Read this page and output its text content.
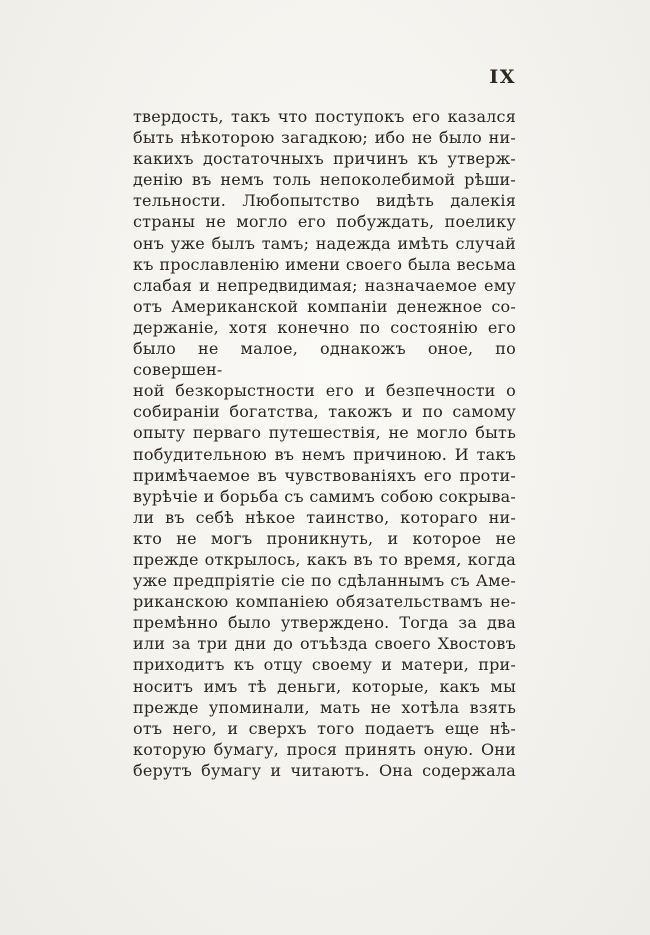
IX
твердость, такъ что поступокъ его казался
быть нѣкоторою загадкою; ибо не было ни-
какихъ достаточныхъ причинъ къ утверж-
денію въ немъ толь непоколебимой рѣши-
тельности. Любопытство видѣть далекія
страны не могло его побуждать, поелику
онъ уже былъ тамъ; надежда имѣть случай
къ прославленію имени своего была весьма
слабая и непредвидимая; назначаемое ему
отъ Американской компаніи денежное со-
держаніе, хотя конечно по состоянію его
было не малое, однакожъ оное, по совершен-
ной безкорыстности его и безпечности о
собираніи богатства, такожъ и по самому
опыту перваго путешествія, не могло быть
побудительною въ немъ причиною. И такъ
примѣчаемое въ чувствованіяхъ его проти-
вурѣчіе и борьба съ самимъ собою сокрыва-
ли въ себѣ нѣкое таинство, котораго ни-
кто не могъ проникнуть, и которое не
прежде открылось, какъ въ то время, когда
уже предпріятіе сіе по сдѣланнымъ съ Аме-
риканскою компаніею обязательствамъ не-
премѣнно было утверждено. Тогда за два
или за три дни до отъѣзда своего Хвостовъ
приходитъ къ отцу своему и матери, при-
носитъ имъ тѣ деньги, которые, какъ мы
прежде упоминали, мать не хотѣла взять
отъ него, и сверхъ того подаетъ еще нѣ-
которую бумагу, прося принять оную. Они
берутъ бумагу и читаютъ. Она содержала
